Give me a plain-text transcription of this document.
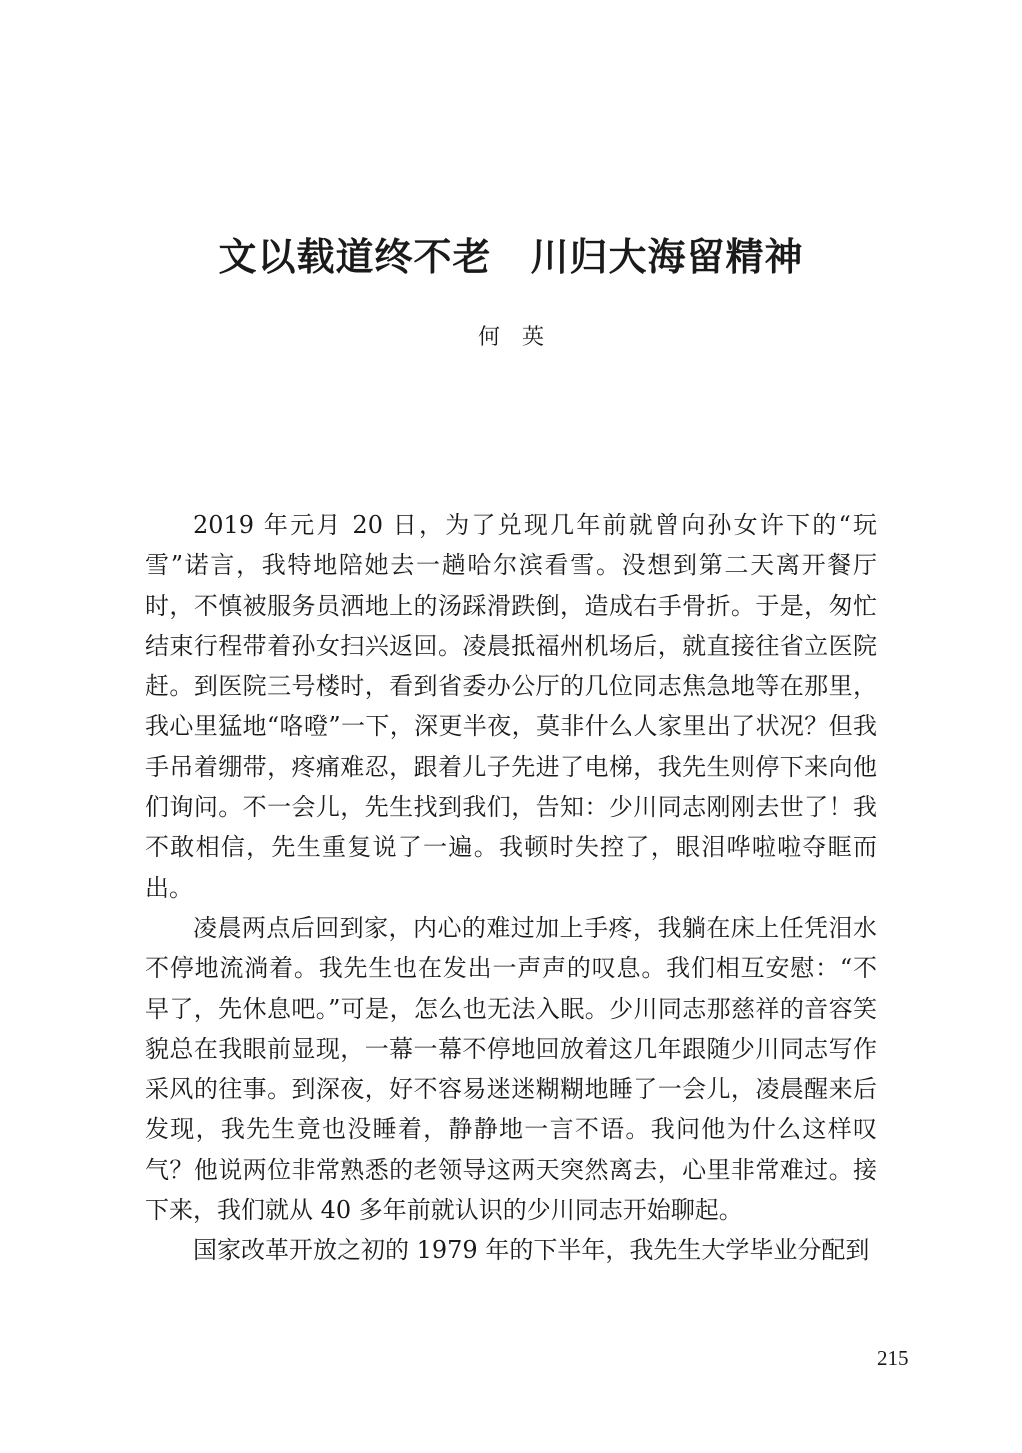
文以载道终不老　川归大海留精神
何　英

2019 年元月 20 日，为了兑现几年前就曾向孙女许下的“玩雪”诺言，我特地陪她去一趟哈尔滨看雪。没想到第二天离开餐厅时，不慎被服务员洒地上的汤踩滑跌倒，造成右手骨折。于是，匆忙结束行程带着孙女扫兴返回。凌晨抵福州机场后，就直接往省立医院赶。到医院三号楼时，看到省委办公厅的几位同志焦急地等在那里，我心里猛地“咯噔”一下，深更半夜，莫非什么人家里出了状况？但我手吊着绷带，疼痛难忍，跟着儿子先进了电梯，我先生则停下来向他们询问。不一会儿，先生找到我们，告知：少川同志刚刚去世了！我不敢相信，先生重复说了一遍。我顿时失控了，眼泪哗啦啦夺眶而出。

凌晨两点后回到家，内心的难过加上手疼，我躺在床上任凭泪水不停地流淌着。我先生也在发出一声声的叹息。我们相互安慰：“不早了，先休息吧。”可是，怎么也无法入眠。少川同志那慈祥的音容笑貌总在我眼前显现，一幕一幕不停地回放着这几年跟随少川同志写作采风的往事。到深夜，好不容易迷迷糊糊地睡了一会儿，凌晨醒来后发现，我先生竟也没睡着，静静地一言不语。我问他为什么这样叹气？他说两位非常熟悉的老领导这两天突然离去，心里非常难过。接下来，我们就从 40 多年前就认识的少川同志开始聊起。

国家改革开放之初的 1979 年的下半年，我先生大学毕业分配到

215
